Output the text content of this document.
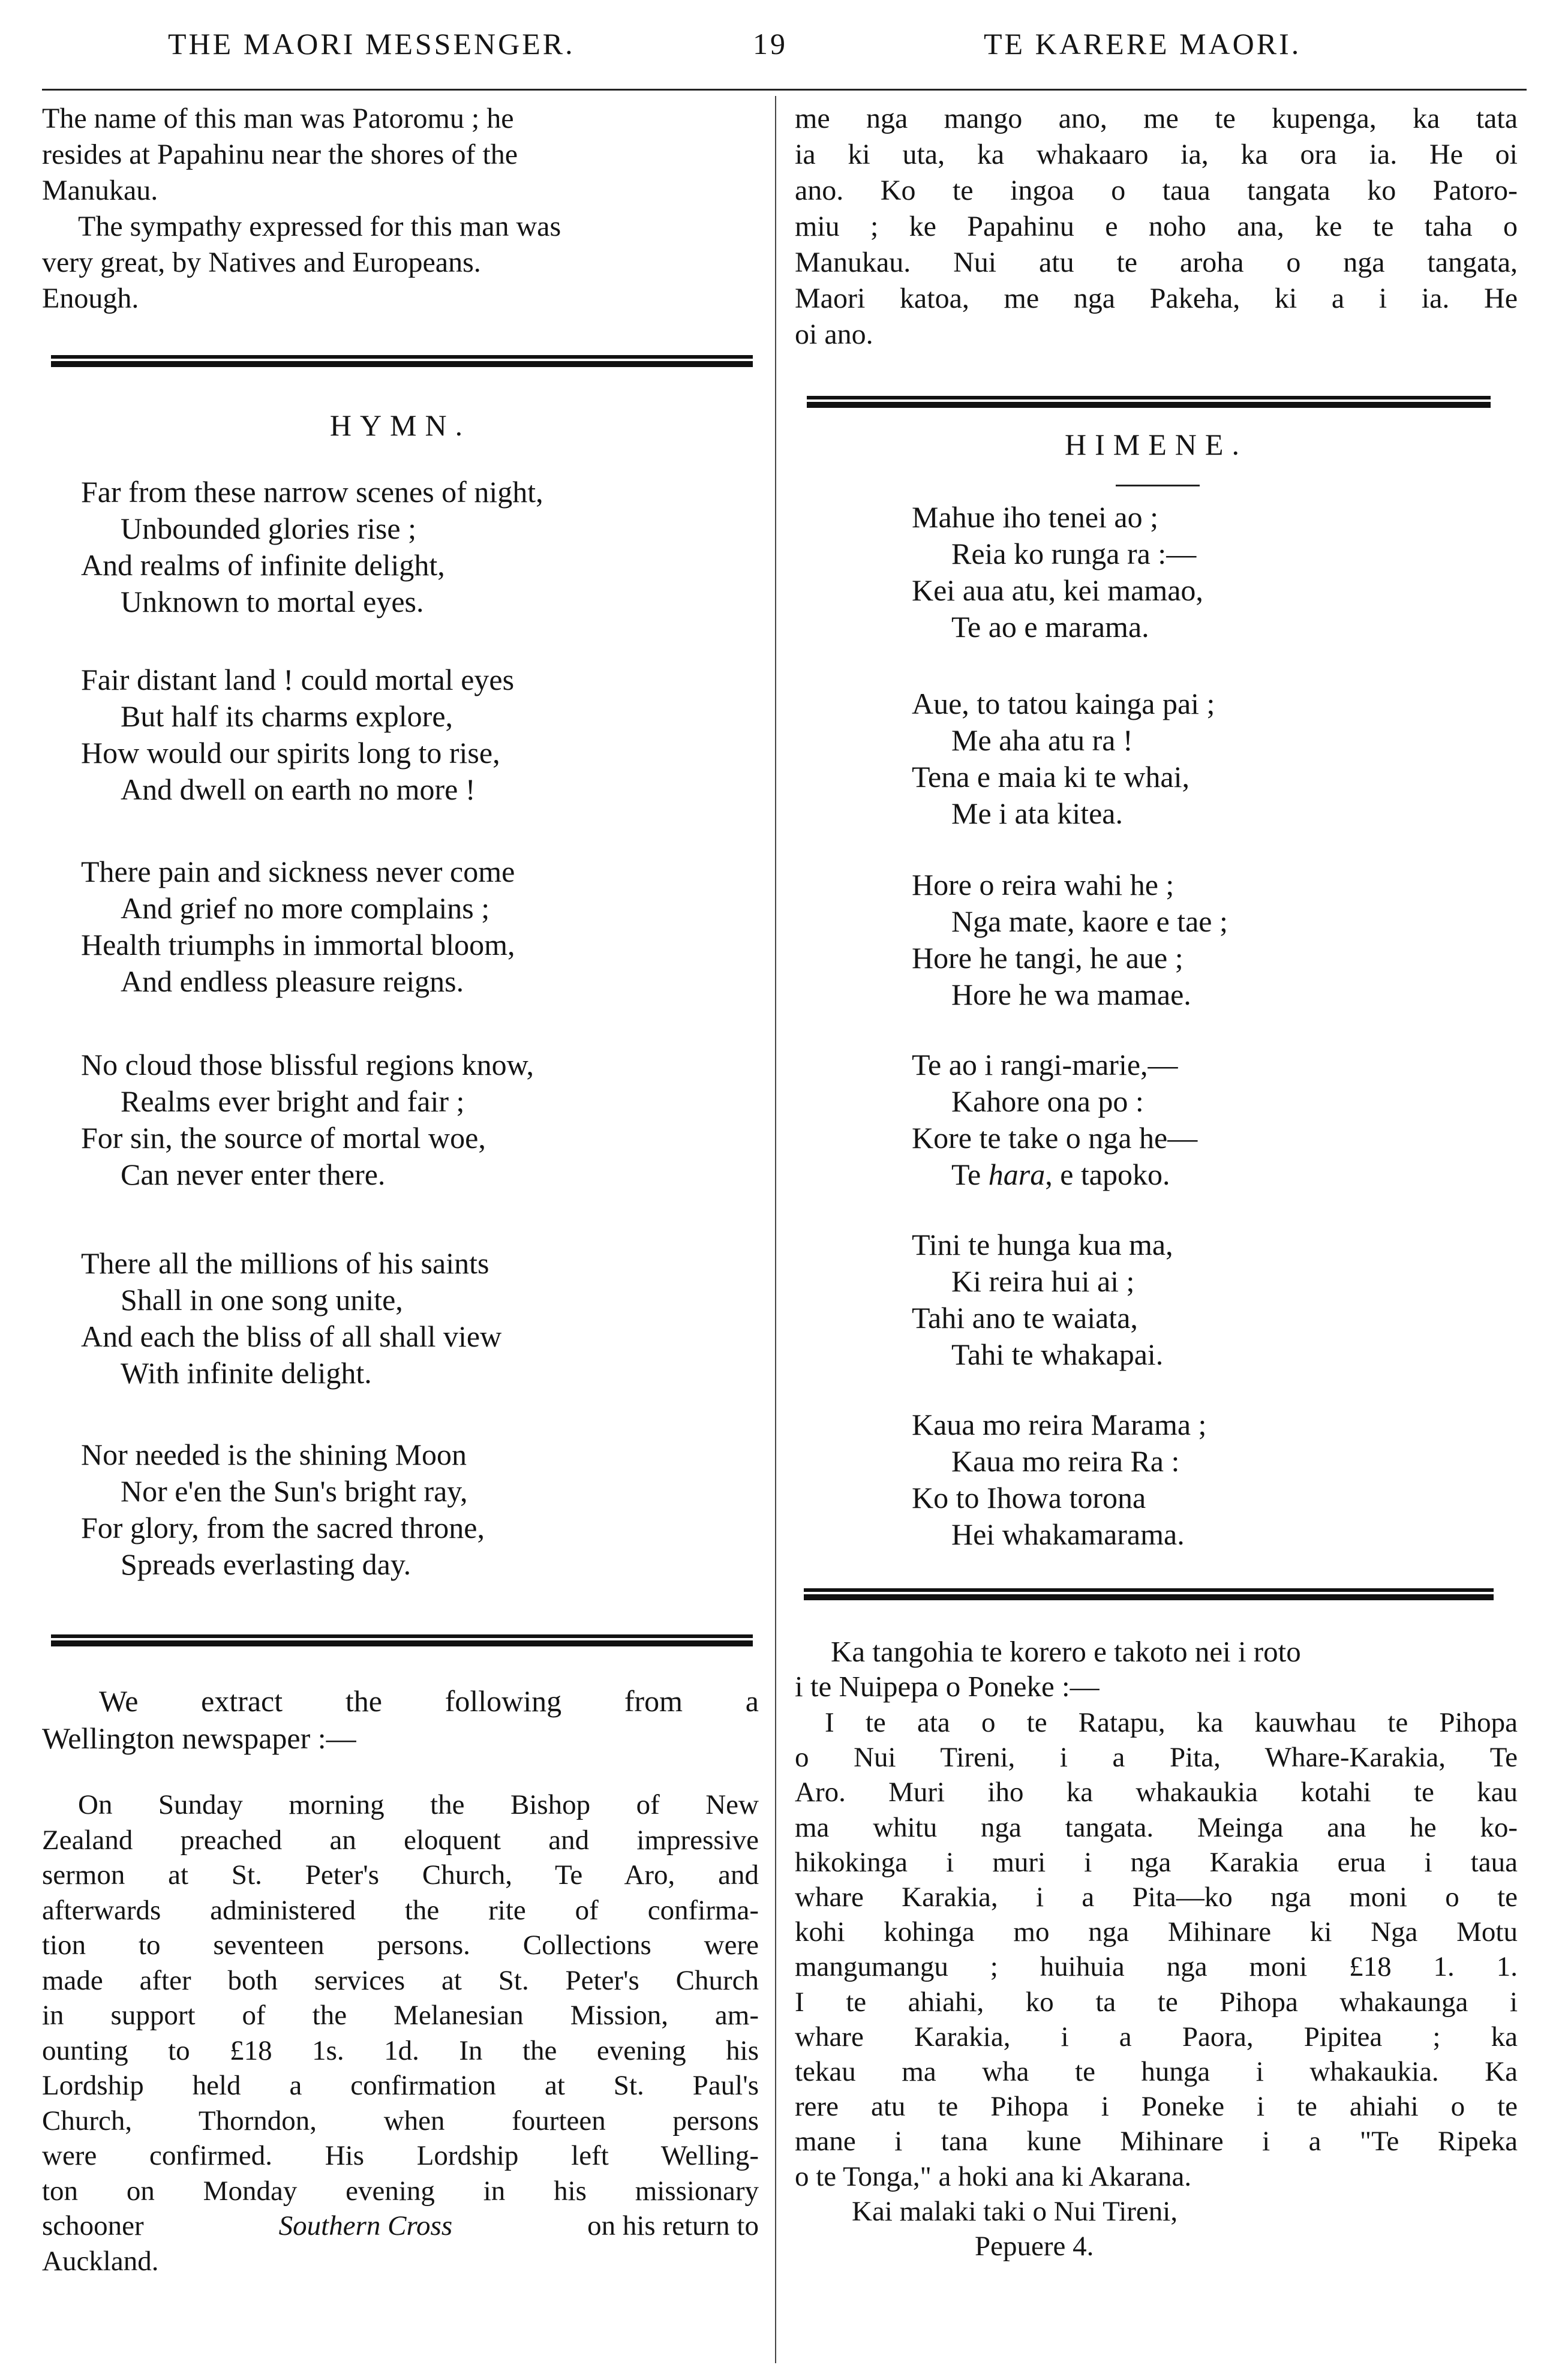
THE MAORI MESSENGER.	19	TE KARERE MAORI.
The name of this man was Patoromu ; he
resides at Papahinu near the shores of the
Manukau.
The sympathy expressed for this man was
very great, by Natives and Europeans.
Enough.
HYMN.
Far from these narrow scenes of night,
Unbounded glories rise ;
And realms of infinite delight,
Unknown to mortal eyes.
Fair distant land ! could mortal eyes
But half its charms explore,
How would our spirits long to rise,
And dwell on earth no more !
There pain and sickness never come
And grief no more complains ;
Health triumphs in immortal bloom,
And endless pleasure reigns.
No cloud those blissful regions know,
Realms ever bright and fair ;
For sin, the source of mortal woe,
Can never enter there.
There all the millions of his saints
Shall in one song unite,
And each the bliss of all shall view
With infinite delight.
Nor needed is the shining Moon
Nor e'en the Sun's bright ray,
For glory, from the sacred throne,
Spreads everlasting day.
We extract the following from a
Wellington newspaper :—
On Sunday morning the Bishop of New
Zealand preached an eloquent and impressive
sermon at St. Peter's Church, Te Aro, and
afterwards administered the rite of confirma-
tion to seventeen persons. Collections were
made after both services at St. Peter's Church
in support of the Melanesian Mission, am-
ounting to £18 1s. 1d. In the evening his
Lordship held a confirmation at St. Paul's
Church, Thorndon, when fourteen persons
were confirmed. His Lordship left Welling-
ton on Monday evening in his missionary
schooner	Southern Cross	on his return to
Auckland.
me nga mango ano, me te kupenga, ka tata
ia ki uta, ka whakaaro ia, ka ora ia. He oi
ano. Ko te ingoa o taua tangata ko Patoro-
miu ; ke Papahinu e noho ana, ke te taha o
Manukau. Nui atu te aroha o nga tangata,
Maori katoa, me nga Pakeha, ki a i ia. He
oi ano.
HIMENE.
Mahue iho tenei ao ;
Reia ko runga ra :—
Kei aua atu, kei mamao,
Te ao e marama.
Aue, to tatou kainga pai ;
Me aha atu ra !
Tena e maia ki te whai,
Me i ata kitea.
Hore o reira wahi he ;
Nga mate, kaore e tae ;
Hore he tangi, he aue ;
Hore he wa mamae.
Te ao i rangi-marie,—
Kahore ona po :
Kore te take o nga he—
Te hara, e tapoko.
Tini te hunga kua ma,
Ki reira hui ai ;
Tahi ano te waiata,
Tahi te whakapai.
Kaua mo reira Marama ;
Kaua mo reira Ra :
Ko to Ihowa torona
Hei whakamarama.
Ka tangohia te korero e takoto nei i roto
i te Nuipepa o Poneke :—
I te ata o te Ratapu, ka kauwhau te Pihopa
o Nui Tireni, i a Pita, Whare-Karakia, Te
Aro. Muri iho ka whakaukia kotahi te kau
ma whitu nga tangata. Meinga ana he ko-
hikokinga i muri i nga Karakia erua i taua
whare Karakia, i a Pita—ko nga moni o te
kohi kohinga mo nga Mihinare ki Nga Motu
mangumangu ; huihuia nga moni £18 1. 1.
I te ahiahi, ko ta te Pihopa whakaunga i
whare Karakia, i a Paora, Pipitea ; ka
tekau ma wha te hunga i whakaukia. Ka
rere atu te Pihopa i Poneke i te ahiahi o te
mane i tana kune Mihinare i a "Te Ripeka
o te Tonga," a hoki ana ki Akarana.
Kai malaki taki o Nui Tireni,
Pepuere 4.
